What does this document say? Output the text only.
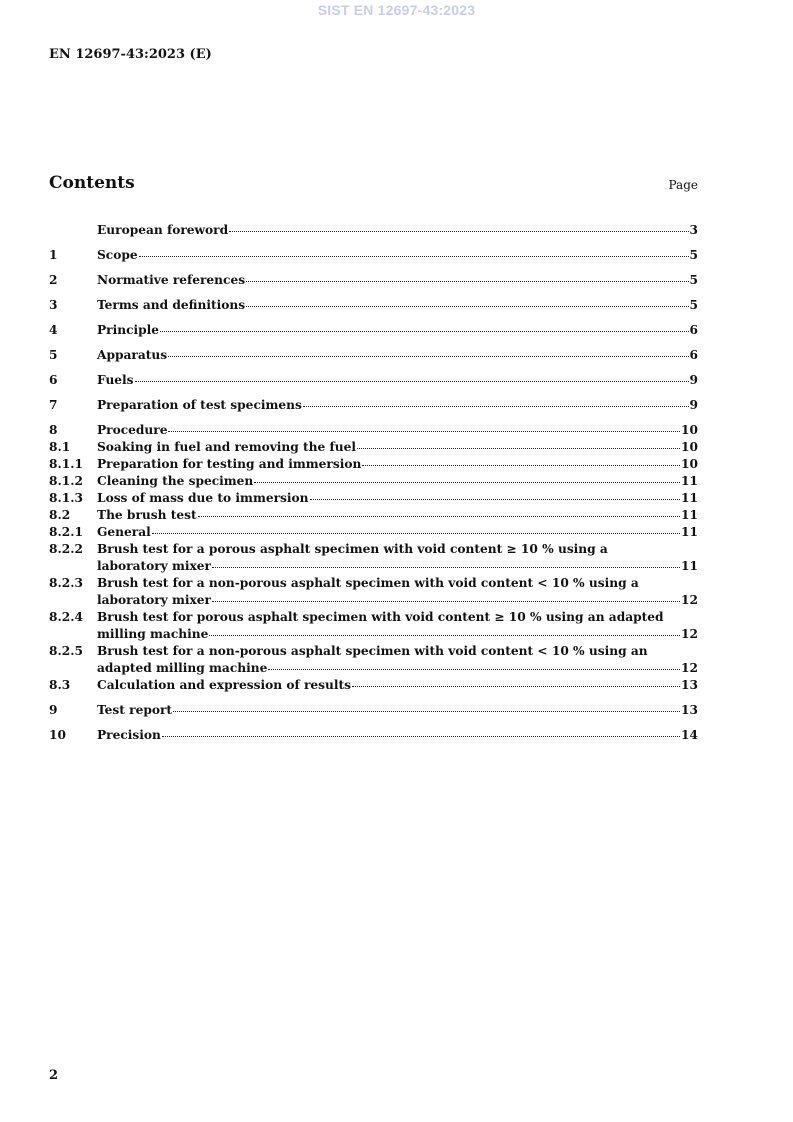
SIST EN 12697-43:2023
EN 12697-43:2023 (E)
Contents	Page
European foreword	3
1	Scope	5
2	Normative references	5
3	Terms and definitions	5
4	Principle	6
5	Apparatus	6
6	Fuels	9
7	Preparation of test specimens	9
8	Procedure	10
8.1	Soaking in fuel and removing the fuel	10
8.1.1	Preparation for testing and immersion	10
8.1.2	Cleaning the specimen	11
8.1.3	Loss of mass due to immersion	11
8.2	The brush test	11
8.2.1	General	11
8.2.2	Brush test for a porous asphalt specimen with void content ≥ 10 % using a
laboratory mixer	11
8.2.3	Brush test for a non-porous asphalt specimen with void content < 10 % using a
laboratory mixer	12
8.2.4	Brush test for porous asphalt specimen with void content ≥ 10 % using an adapted
milling machine	12
8.2.5	Brush test for a non-porous asphalt specimen with void content < 10 % using an
adapted milling machine	12
8.3	Calculation and expression of results	13
9	Test report	13
10	Precision	14
2
